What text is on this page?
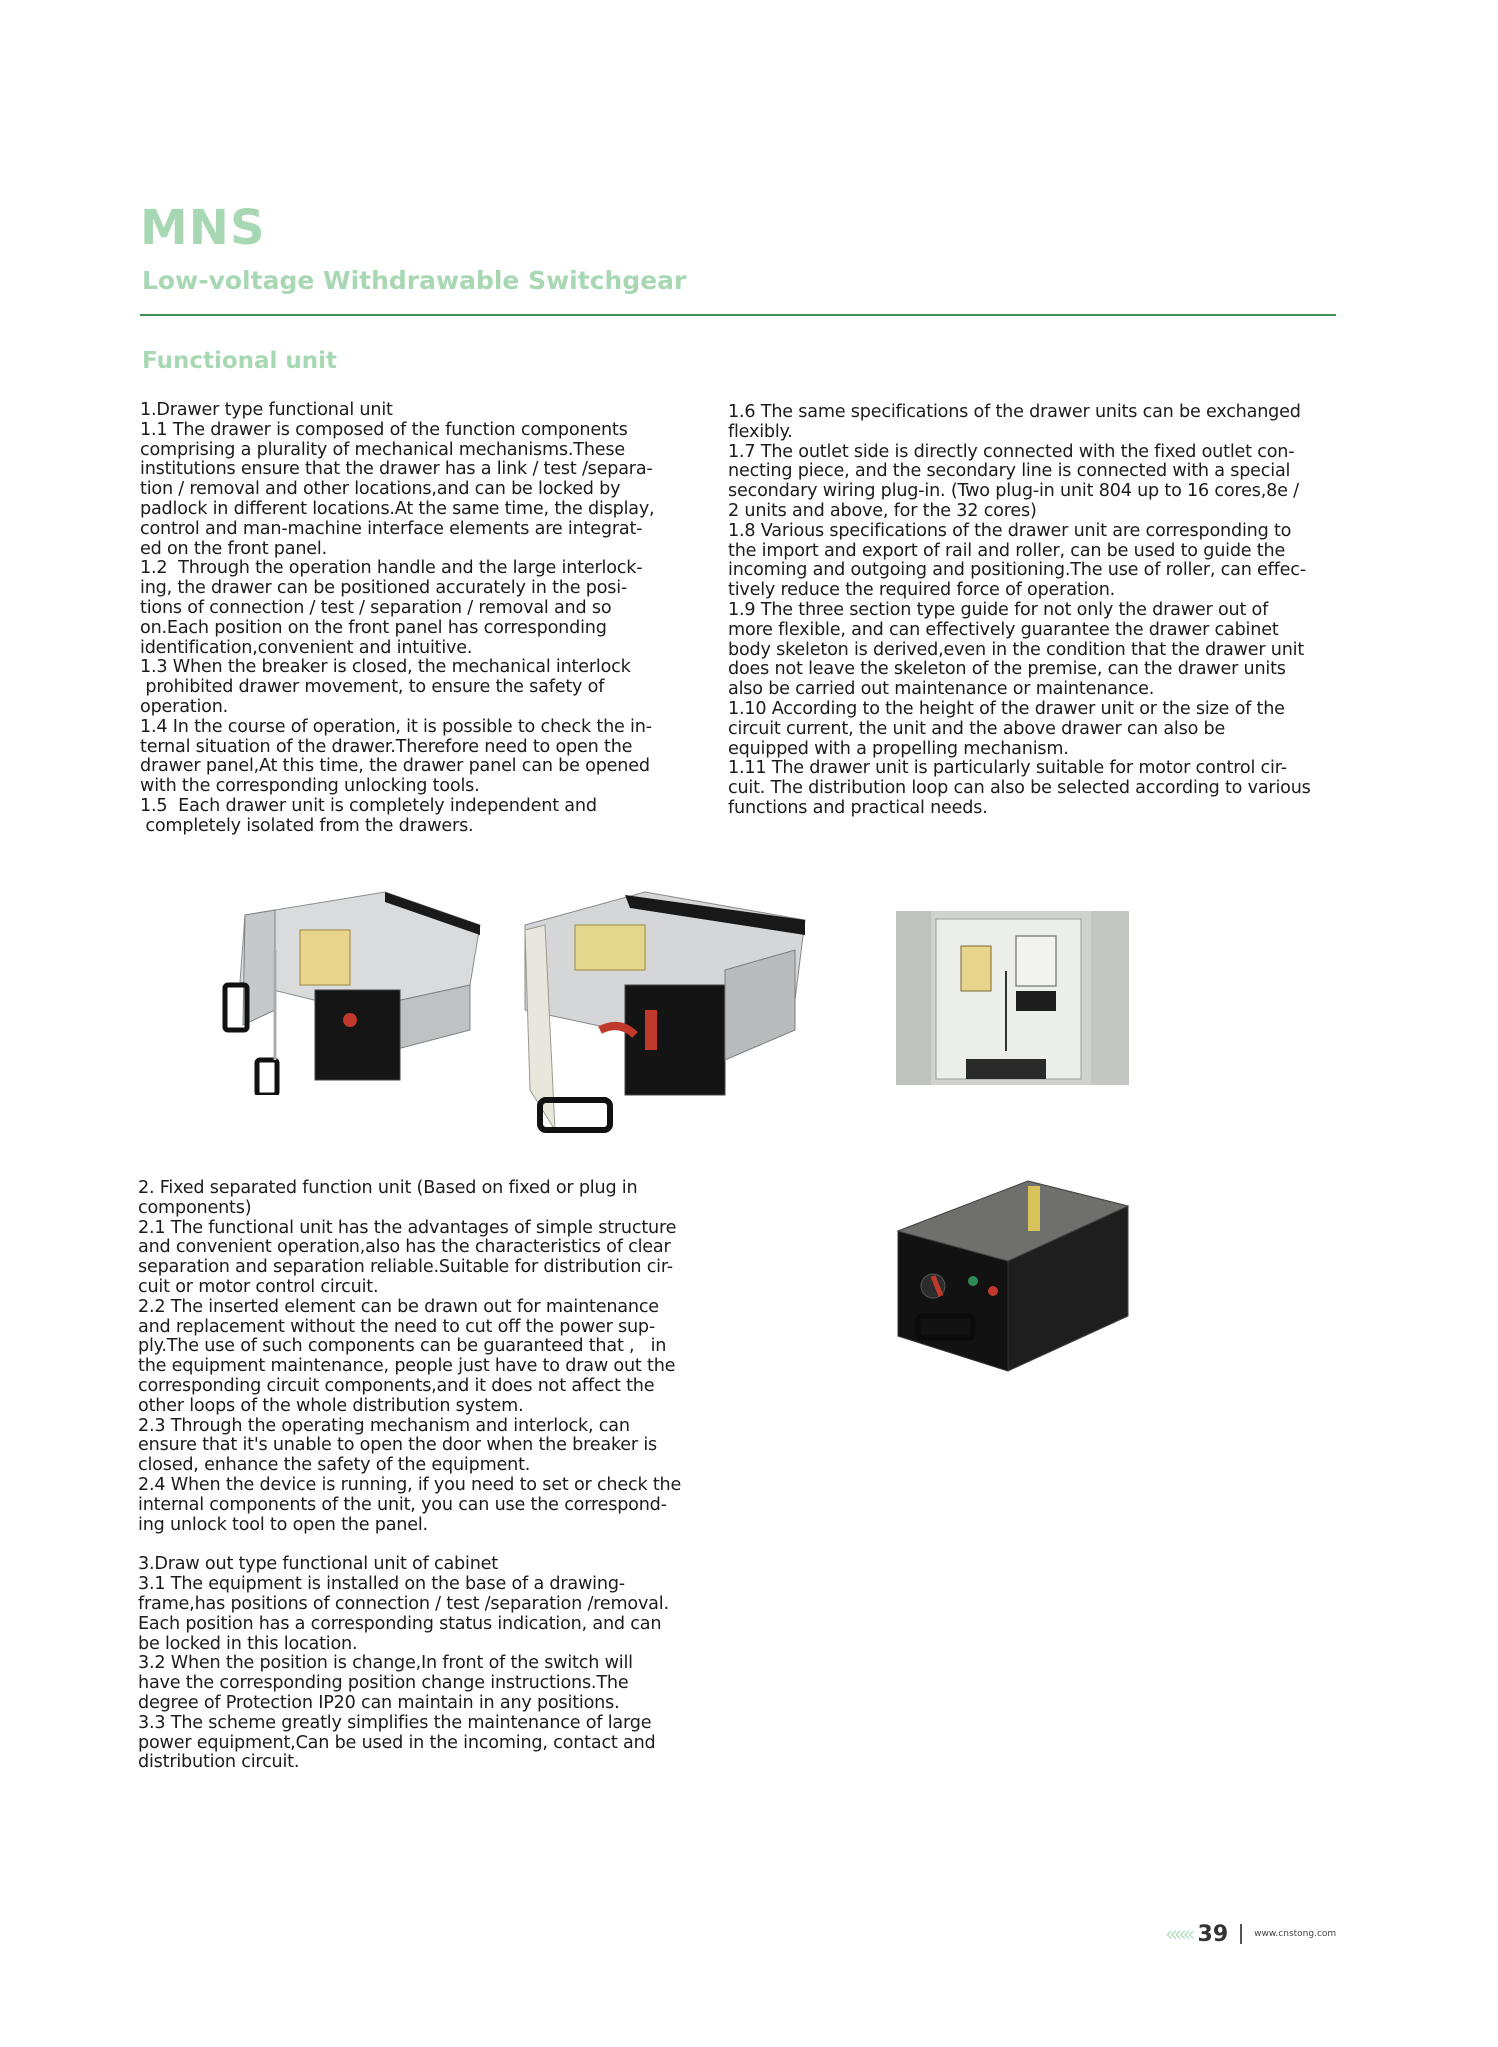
MNS
Low-voltage Withdrawable Switchgear
Functional unit

1.Drawer type functional unit

1.1 The drawer is composed of the function components

comprising a plurality of mechanical mechanisms.These

institutions ensure that the drawer has a link / test /separa-

tion / removal and other locations,and can be locked by

padlock in different locations.At the same time, the display,

control and man-machine interface elements are integrat-

ed on the front panel.

1.2  Through the operation handle and the large interlock-

ing, the drawer can be positioned accurately in the posi-

tions of connection / test / separation / removal and so

on.Each position on the front panel has corresponding

identification,convenient and intuitive.

1.3 When the breaker is closed, the mechanical interlock

prohibited drawer movement, to ensure the safety of

operation.

1.4 In the course of operation, it is possible to check the in-

ternal situation of the drawer.Therefore need to open the

drawer panel,At this time, the drawer panel can be opened

with the corresponding unlocking tools.

1.5  Each drawer unit is completely independent and

completely isolated from the drawers.

1.6 The same specifications of the drawer units can be exchanged

flexibly.

1.7 The outlet side is directly connected with the fixed outlet con-

necting piece, and the secondary line is connected with a special

secondary wiring plug-in. (Two plug-in unit 804 up to 16 cores,8e /

2 units and above, for the 32 cores)

1.8 Various specifications of the drawer unit are corresponding to

the import and export of rail and roller, can be used to guide the

incoming and outgoing and positioning.The use of roller, can effec-

tively reduce the required force of operation.

1.9 The three section type guide for not only the drawer out of

more flexible, and can effectively guarantee the drawer cabinet

body skeleton is derived,even in the condition that the drawer unit

does not leave the skeleton of the premise, can the drawer units

also be carried out maintenance or maintenance.

1.10 According to the height of the drawer unit or the size of the

circuit current, the unit and the above drawer can also be

equipped with a propelling mechanism.

1.11 The drawer unit is particularly suitable for motor control cir-

cuit. The distribution loop can also be selected according to various

functions and practical needs.

2. Fixed separated function unit (Based on fixed or plug in

components)

2.1 The functional unit has the advantages of simple structure

and convenient operation,also has the characteristics of clear

separation and separation reliable.Suitable for distribution cir-

cuit or motor control circuit.

2.2 The inserted element can be drawn out for maintenance

and replacement without the need to cut off the power sup-

ply.The use of such components can be guaranteed that ,   in

the equipment maintenance, people just have to draw out the

corresponding circuit components,and it does not affect the

other loops of the whole distribution system.

2.3 Through the operating mechanism and interlock, can

ensure that it's unable to open the door when the breaker is

closed, enhance the safety of the equipment.

2.4 When the device is running, if you need to set or check the

internal components of the unit, you can use the correspond-

ing unlock tool to open the panel.

3.Draw out type functional unit of cabinet

3.1 The equipment is installed on the base of a drawing-

frame,has positions of connection / test /separation /removal.

Each position has a corresponding status indication, and can

be locked in this location.

3.2 When the position is change,In front of the switch will

have the corresponding position change instructions.The

degree of Protection IP20 can maintain in any positions.

3.3 The scheme greatly simplifies the maintenance of large

power equipment,Can be used in the incoming, contact and

distribution circuit.

««« 39	www.cnstong.com
